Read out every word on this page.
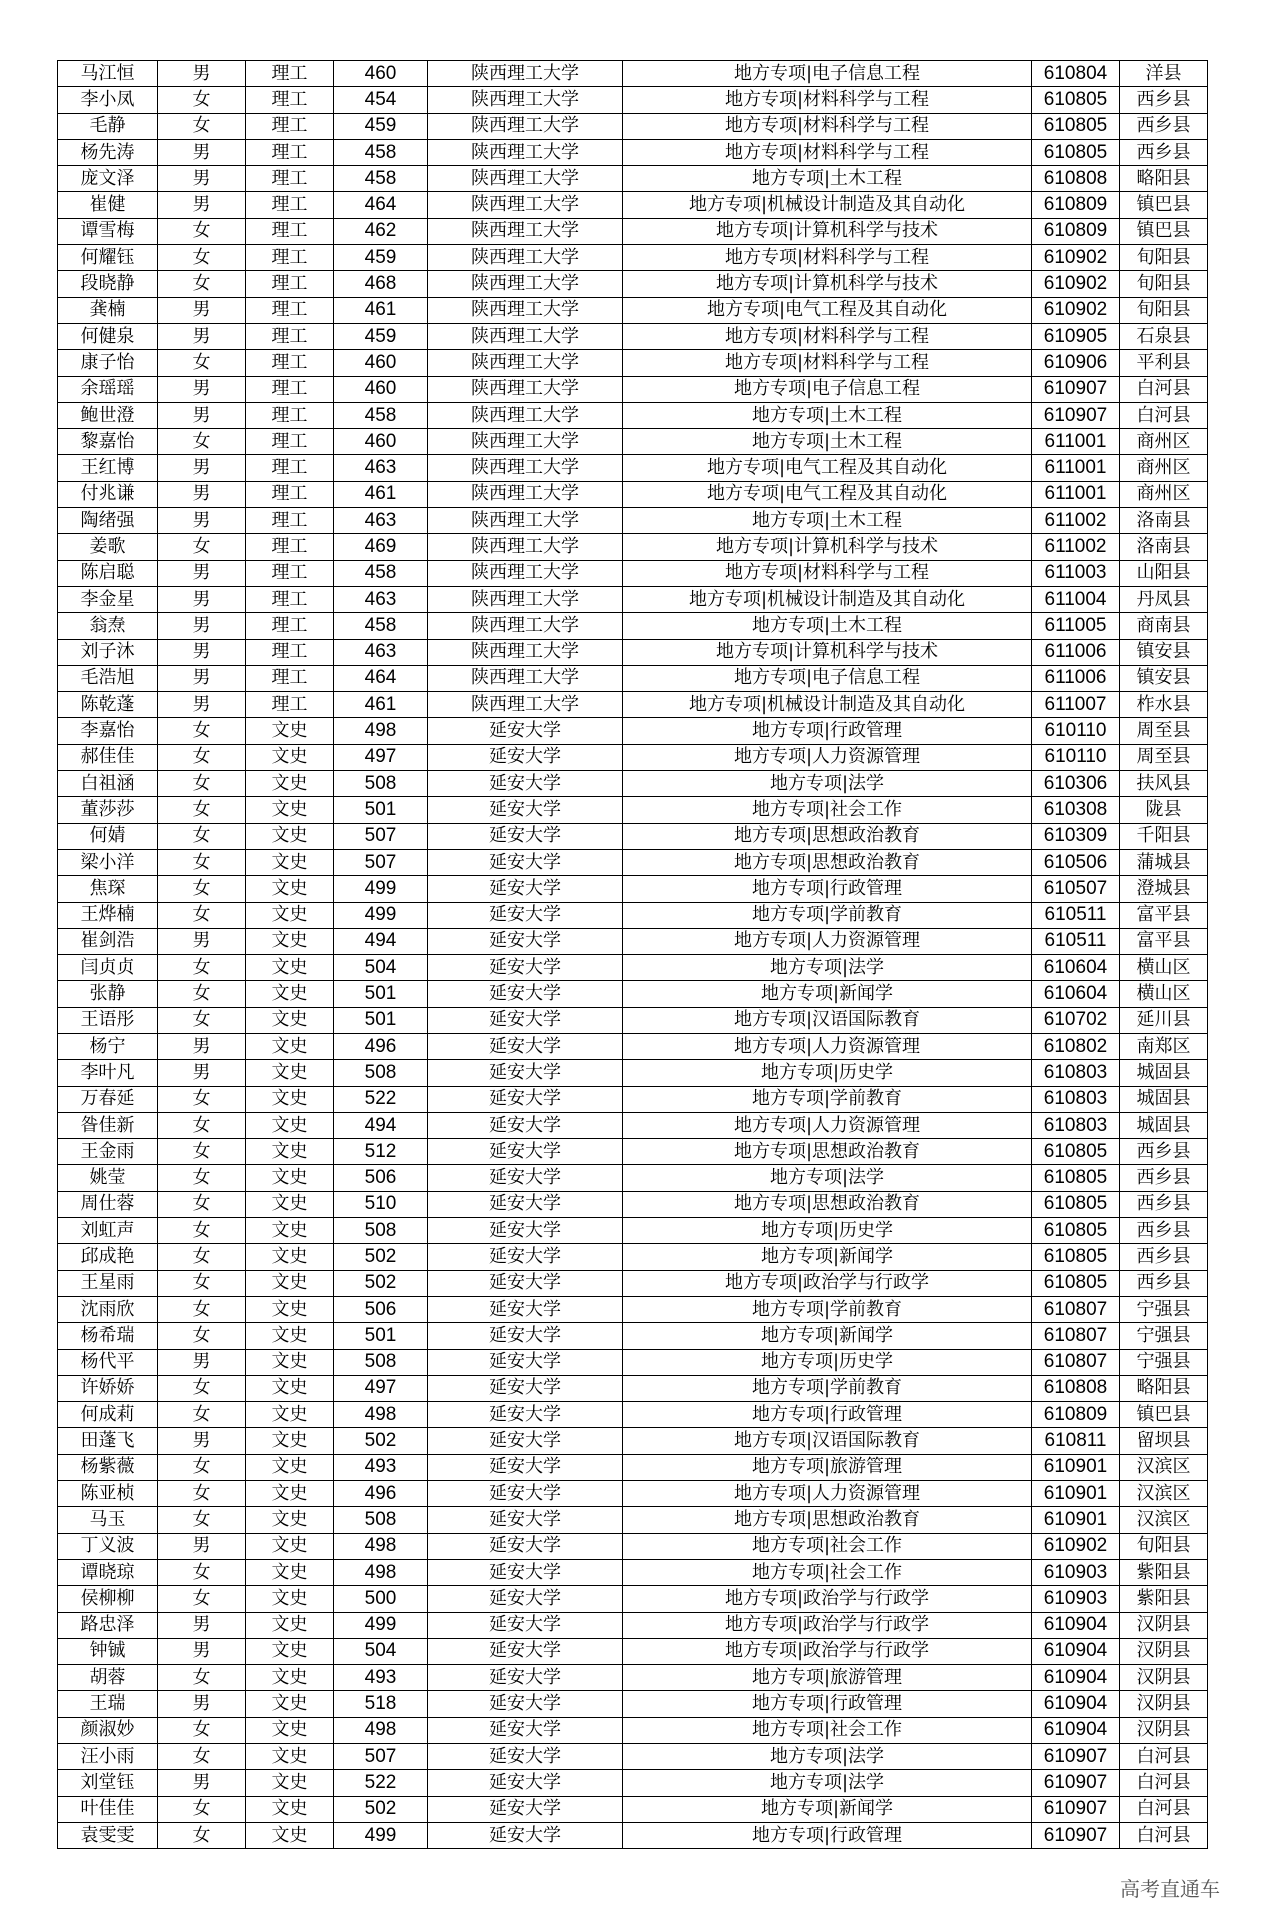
马江恒	男	理工	460	陕西理工大学	地方专项|电子信息工程	610804	洋县
李小凤	女	理工	454	陕西理工大学	地方专项|材料科学与工程	610805	西乡县
毛静	女	理工	459	陕西理工大学	地方专项|材料科学与工程	610805	西乡县
杨先涛	男	理工	458	陕西理工大学	地方专项|材料科学与工程	610805	西乡县
庞文泽	男	理工	458	陕西理工大学	地方专项|土木工程	610808	略阳县
崔健	男	理工	464	陕西理工大学	地方专项|机械设计制造及其自动化	610809	镇巴县
谭雪梅	女	理工	462	陕西理工大学	地方专项|计算机科学与技术	610809	镇巴县
何耀钰	女	理工	459	陕西理工大学	地方专项|材料科学与工程	610902	旬阳县
段晓静	女	理工	468	陕西理工大学	地方专项|计算机科学与技术	610902	旬阳县
龚楠	男	理工	461	陕西理工大学	地方专项|电气工程及其自动化	610902	旬阳县
何健泉	男	理工	459	陕西理工大学	地方专项|材料科学与工程	610905	石泉县
康子怡	女	理工	460	陕西理工大学	地方专项|材料科学与工程	610906	平利县
余瑶瑶	男	理工	460	陕西理工大学	地方专项|电子信息工程	610907	白河县
鲍世澄	男	理工	458	陕西理工大学	地方专项|土木工程	610907	白河县
黎嘉怡	女	理工	460	陕西理工大学	地方专项|土木工程	611001	商州区
王红博	男	理工	463	陕西理工大学	地方专项|电气工程及其自动化	611001	商州区
付兆谦	男	理工	461	陕西理工大学	地方专项|电气工程及其自动化	611001	商州区
陶绪强	男	理工	463	陕西理工大学	地方专项|土木工程	611002	洛南县
姜歌	女	理工	469	陕西理工大学	地方专项|计算机科学与技术	611002	洛南县
陈启聪	男	理工	458	陕西理工大学	地方专项|材料科学与工程	611003	山阳县
李金星	男	理工	463	陕西理工大学	地方专项|机械设计制造及其自动化	611004	丹凤县
翁焘	男	理工	458	陕西理工大学	地方专项|土木工程	611005	商南县
刘子沐	男	理工	463	陕西理工大学	地方专项|计算机科学与技术	611006	镇安县
毛浩旭	男	理工	464	陕西理工大学	地方专项|电子信息工程	611006	镇安县
陈乾蓬	男	理工	461	陕西理工大学	地方专项|机械设计制造及其自动化	611007	柞水县
李嘉怡	女	文史	498	延安大学	地方专项|行政管理	610110	周至县
郝佳佳	女	文史	497	延安大学	地方专项|人力资源管理	610110	周至县
白祖涵	女	文史	508	延安大学	地方专项|法学	610306	扶风县
董莎莎	女	文史	501	延安大学	地方专项|社会工作	610308	陇县
何婧	女	文史	507	延安大学	地方专项|思想政治教育	610309	千阳县
梁小洋	女	文史	507	延安大学	地方专项|思想政治教育	610506	蒲城县
焦琛	女	文史	499	延安大学	地方专项|行政管理	610507	澄城县
王烨楠	女	文史	499	延安大学	地方专项|学前教育	610511	富平县
崔剑浩	男	文史	494	延安大学	地方专项|人力资源管理	610511	富平县
闫贞贞	女	文史	504	延安大学	地方专项|法学	610604	横山区
张静	女	文史	501	延安大学	地方专项|新闻学	610604	横山区
王语彤	女	文史	501	延安大学	地方专项|汉语国际教育	610702	延川县
杨宁	男	文史	496	延安大学	地方专项|人力资源管理	610802	南郑区
李叶凡	男	文史	508	延安大学	地方专项|历史学	610803	城固县
万春延	女	文史	522	延安大学	地方专项|学前教育	610803	城固县
昝佳新	女	文史	494	延安大学	地方专项|人力资源管理	610803	城固县
王金雨	女	文史	512	延安大学	地方专项|思想政治教育	610805	西乡县
姚莹	女	文史	506	延安大学	地方专项|法学	610805	西乡县
周仕蓉	女	文史	510	延安大学	地方专项|思想政治教育	610805	西乡县
刘虹声	女	文史	508	延安大学	地方专项|历史学	610805	西乡县
邱成艳	女	文史	502	延安大学	地方专项|新闻学	610805	西乡县
王星雨	女	文史	502	延安大学	地方专项|政治学与行政学	610805	西乡县
沈雨欣	女	文史	506	延安大学	地方专项|学前教育	610807	宁强县
杨希瑞	女	文史	501	延安大学	地方专项|新闻学	610807	宁强县
杨代平	男	文史	508	延安大学	地方专项|历史学	610807	宁强县
许娇娇	女	文史	497	延安大学	地方专项|学前教育	610808	略阳县
何成莉	女	文史	498	延安大学	地方专项|行政管理	610809	镇巴县
田蓬飞	男	文史	502	延安大学	地方专项|汉语国际教育	610811	留坝县
杨紫薇	女	文史	493	延安大学	地方专项|旅游管理	610901	汉滨区
陈亚桢	女	文史	496	延安大学	地方专项|人力资源管理	610901	汉滨区
马玉	女	文史	508	延安大学	地方专项|思想政治教育	610901	汉滨区
丁义波	男	文史	498	延安大学	地方专项|社会工作	610902	旬阳县
谭晓琼	女	文史	498	延安大学	地方专项|社会工作	610903	紫阳县
侯柳柳	女	文史	500	延安大学	地方专项|政治学与行政学	610903	紫阳县
路忠泽	男	文史	499	延安大学	地方专项|政治学与行政学	610904	汉阴县
钟铖	男	文史	504	延安大学	地方专项|政治学与行政学	610904	汉阴县
胡蓉	女	文史	493	延安大学	地方专项|旅游管理	610904	汉阴县
王瑞	男	文史	518	延安大学	地方专项|行政管理	610904	汉阴县
颜淑妙	女	文史	498	延安大学	地方专项|社会工作	610904	汉阴县
汪小雨	女	文史	507	延安大学	地方专项|法学	610907	白河县
刘堂钰	男	文史	522	延安大学	地方专项|法学	610907	白河县
叶佳佳	女	文史	502	延安大学	地方专项|新闻学	610907	白河县
袁雯雯	女	文史	499	延安大学	地方专项|行政管理	610907	白河县
高考直通车
